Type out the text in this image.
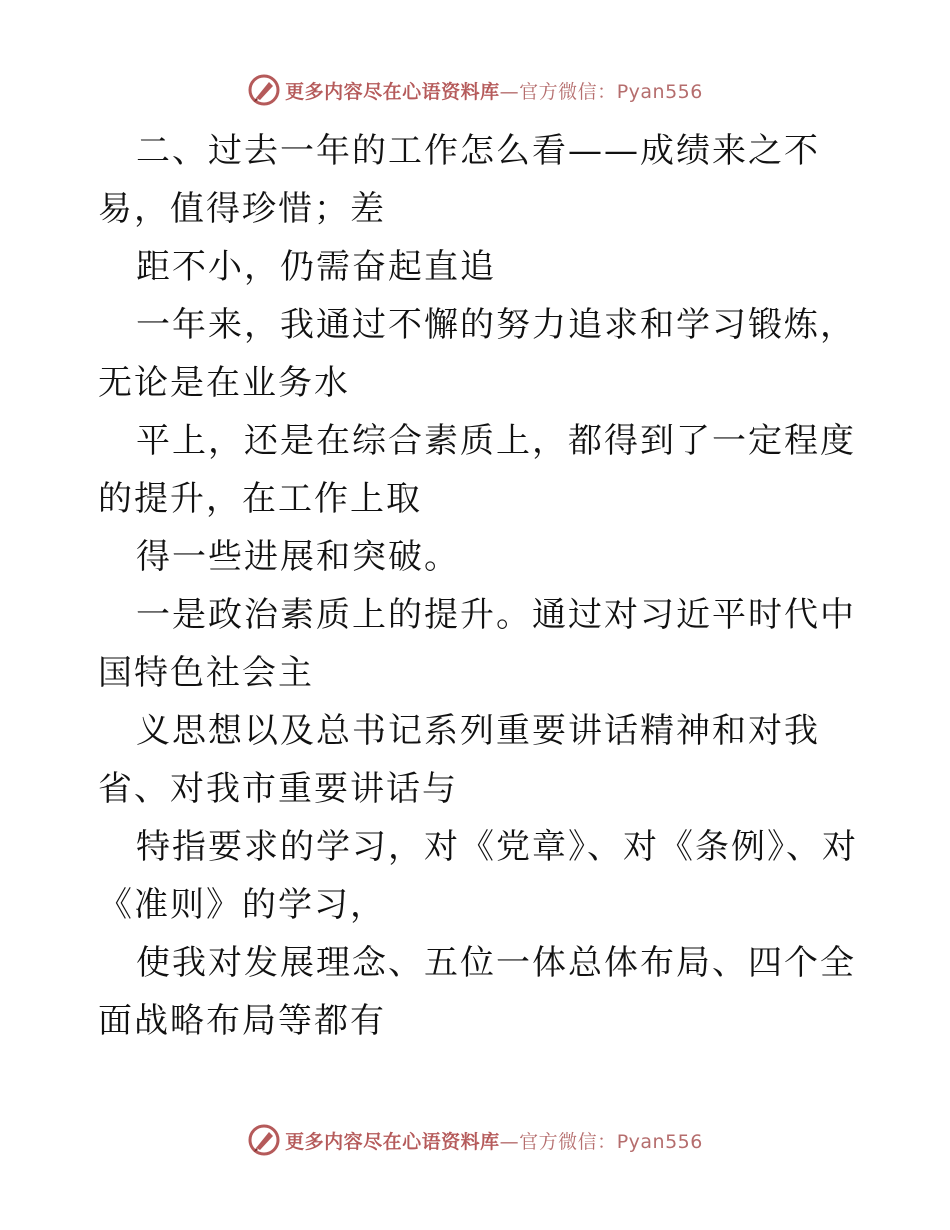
更多内容尽在心语资料库—官方微信：Pyan556

二、过去一年的工作怎么看——成绩来之不易，值得珍惜；差

距不小，仍需奋起直追

一年来，我通过不懈的努力追求和学习锻炼，无论是在业务水

平上，还是在综合素质上，都得到了一定程度的提升，在工作上取

得一些进展和突破。

一是政治素质上的提升。通过对习近平时代中国特色社会主

义思想以及总书记系列重要讲话精神和对我省、对我市重要讲话与

特指要求的学习，对《党章》、对《条例》、对《准则》的学习，

使我对发展理念、五位一体总体布局、四个全面战略布局等都有

更多内容尽在心语资料库—官方微信：Pyan556
